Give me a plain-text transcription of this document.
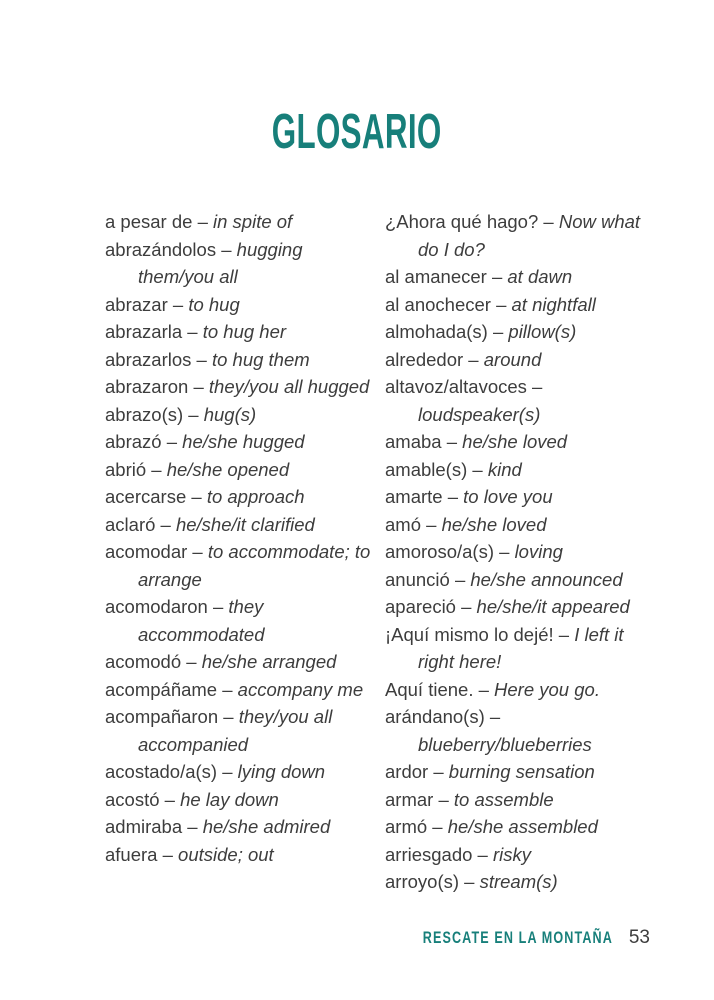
GLOSARIO
a pesar de – in spite of
abrazándolos – hugging them/you all
abrazar – to hug
abrazarla – to hug her
abrazarlos – to hug them
abrazaron – they/you all hugged
abrazo(s) – hug(s)
abrazó – he/she hugged
abrió – he/she opened
acercarse – to approach
aclaró – he/she/it clarified
acomodar – to accommodate; to arrange
acomodaron – they accommodated
acomodó – he/she arranged
acompáñame – accompany me
acompañaron – they/you all accompanied
acostado/a(s) – lying down
acostó – he lay down
admiraba – he/she admired
afuera – outside; out
¿Ahora qué hago? – Now what do I do?
al amanecer – at dawn
al anochecer – at nightfall
almohada(s) – pillow(s)
alrededor – around
altavoz/altavoces – loudspeaker(s)
amaba – he/she loved
amable(s) – kind
amarte – to love you
amó – he/she loved
amoroso/a(s) – loving
anunció – he/she announced
apareció – he/she/it appeared
¡Aquí mismo lo dejé! – I left it right here!
Aquí tiene. – Here you go.
arándano(s) – blueberry/blueberries
ardor – burning sensation
armar – to assemble
armó – he/she assembled
arriesgado – risky
arroyo(s) – stream(s)
RESCATE EN LA MONTAÑA 53
